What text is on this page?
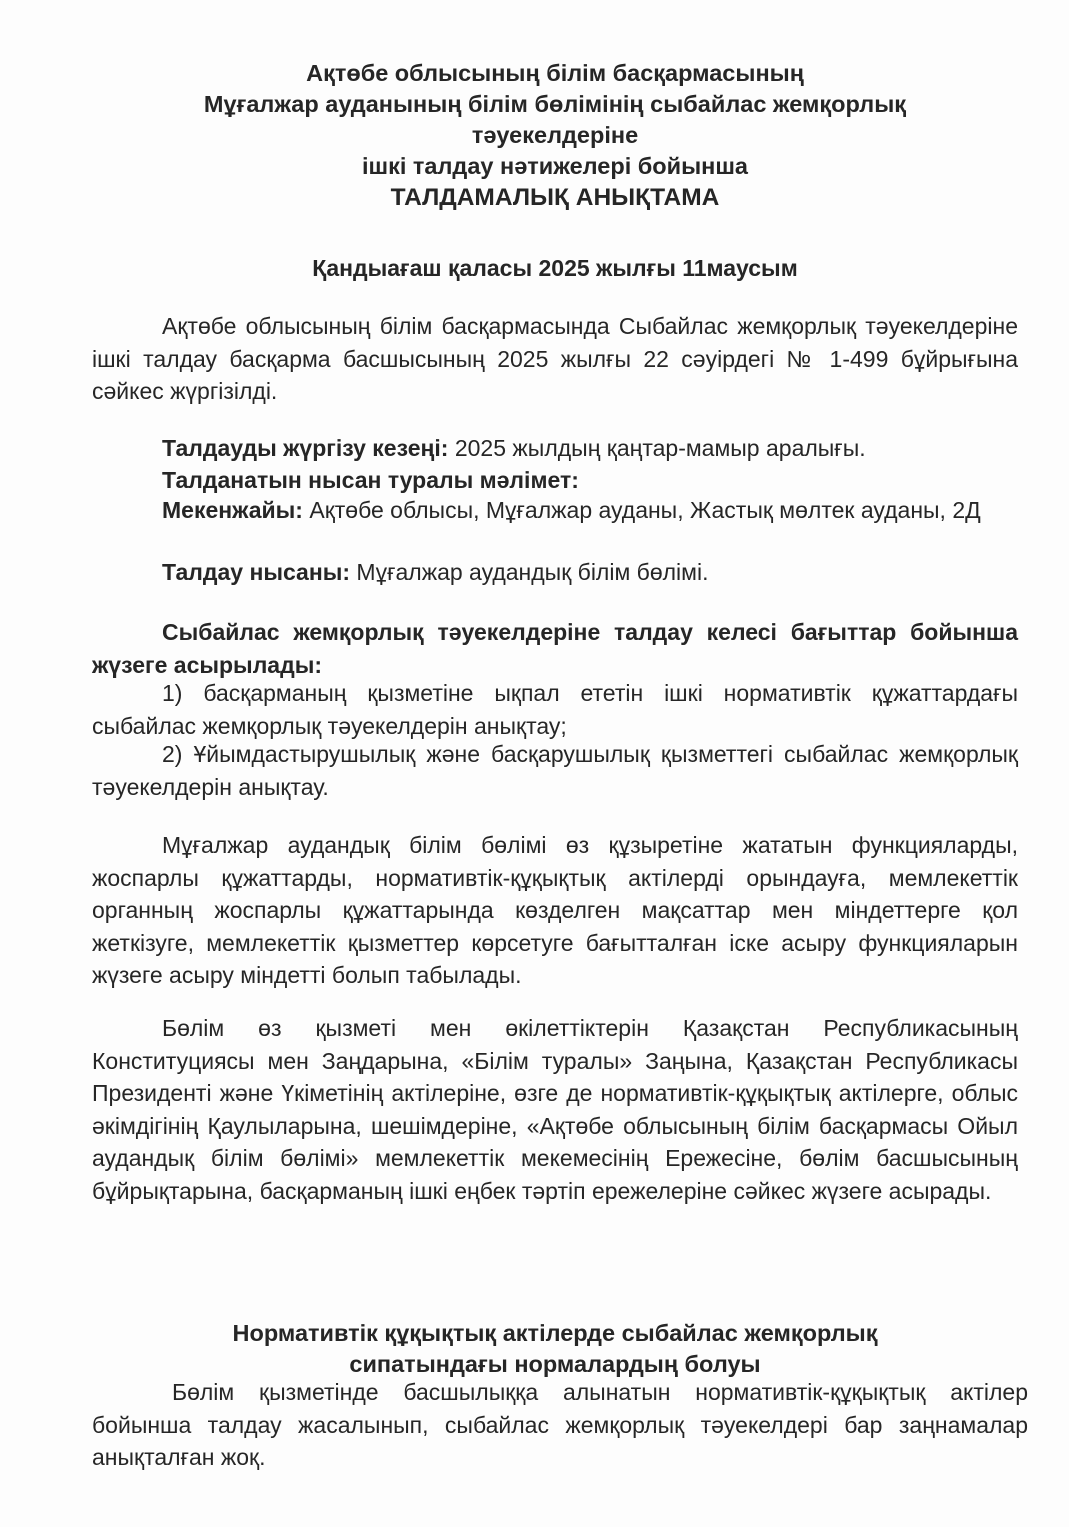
Ақтөбе облысының білім басқармасының
Мұғалжар ауданының білім бөлімінің сыбайлас жемқорлық
тәуекелдеріне
ішкі талдау нәтижелері бойынша
ТАЛДАМАЛЫҚ АНЫҚТАМА
Қандыағаш қаласы 2025 жылғы 11маусым
Ақтөбе облысының білім басқармасында Сыбайлас жемқорлық тәуекелдеріне ішкі талдау басқарма басшысының 2025 жылғы 22 сәуірдегі № 1-499 бұйрығына сәйкес жүргізілді.
Талдауды жүргізу кезеңі: 2025 жылдың қаңтар-мамыр аралығы.
Талданатын нысан туралы мәлімет:
Мекенжайы: Ақтөбе облысы, Мұғалжар ауданы, Жастық мөлтек ауданы, 2Д
Талдау нысаны: Мұғалжар аудандық білім бөлімі.
Сыбайлас жемқорлық тәуекелдеріне талдау келесі бағыттар бойынша жүзеге асырылады:
1) басқарманың қызметіне ықпал ететін ішкі нормативтік құжаттардағы сыбайлас жемқорлық тәуекелдерін анықтау;
2) Ұйымдастырушылық және басқарушылық қызметтегі сыбайлас жемқорлық тәуекелдерін анықтау.
Мұғалжар аудандық білім бөлімі өз құзыретіне жататын функцияларды, жоспарлы құжаттарды, нормативтік-құқықтық актілерді орындауға, мемлекеттік органның жоспарлы құжаттарында көзделген мақсаттар мен міндеттерге қол жеткізуге, мемлекеттік қызметтер көрсетуге бағытталған іске асыру функцияларын жүзеге асыру міндетті болып табылады.
Бөлім өз қызметі мен өкілеттіктерін Қазақстан Республикасының Конституциясы мен Заңдарына, «Білім туралы» Заңына, Қазақстан Республикасы Президенті және Үкіметінің актілеріне, өзге де нормативтік-құқықтық актілерге, облыс әкімдігінің Қаулыларына, шешімдеріне, «Ақтөбе облысының білім басқармасы Ойыл аудандық білім бөлімі» мемлекеттік мекемесінің Ережесіне, бөлім басшысының бұйрықтарына, басқарманың ішкі еңбек тәртіп ережелеріне сәйкес жүзеге асырады.
Нормативтік құқықтық актілерде сыбайлас жемқорлық
сипатындағы нормалардың болуы
Бөлім қызметінде басшылыққа алынатын нормативтік-құқықтық актілер бойынша талдау жасалынып, сыбайлас жемқорлық тәуекелдері бар заңнамалар анықталған жоқ.
